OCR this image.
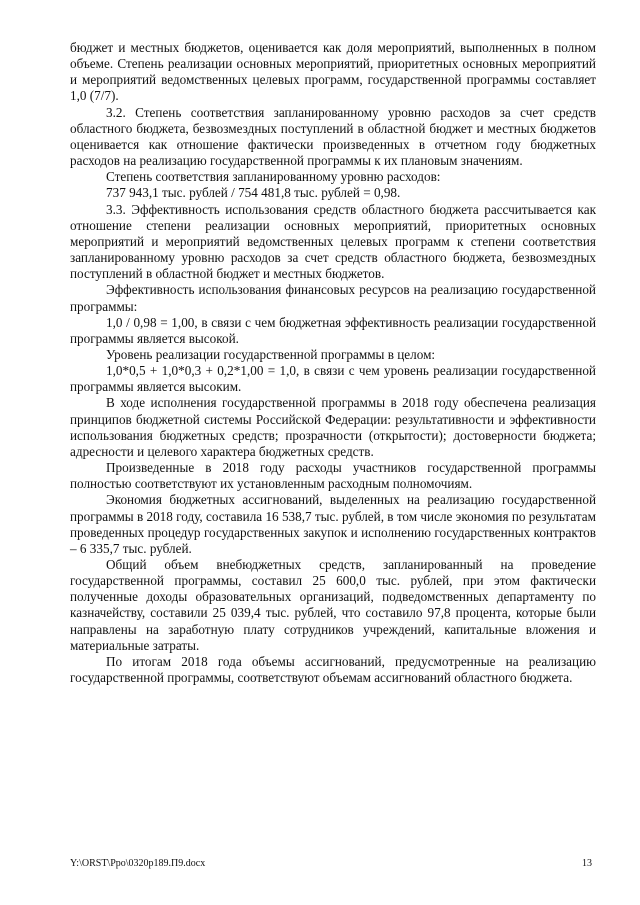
бюджет и местных бюджетов, оценивается как доля мероприятий, выполненных в полном объеме. Степень реализации основных мероприятий, приоритетных основных мероприятий и мероприятий ведомственных целевых программ, государственной программы составляет 1,0 (7/7).

3.2. Степень соответствия запланированному уровню расходов за счет средств областного бюджета, безвозмездных поступлений в областной бюджет и местных бюджетов оценивается как отношение фактически произведенных в отчетном году бюджетных расходов на реализацию государственной программы к их плановым значениям.

Степень соответствия запланированному уровню расходов:

737 943,1 тыс. рублей / 754 481,8 тыс. рублей = 0,98.

3.3. Эффективность использования средств областного бюджета рассчитывается как отношение степени реализации основных мероприятий, приоритетных основных мероприятий и мероприятий ведомственных целевых программ к степени соответствия запланированному уровню расходов за счет средств областного бюджета, безвозмездных поступлений в областной бюджет и местных бюджетов.

Эффективность использования финансовых ресурсов на реализацию государственной программы:

1,0 / 0,98 = 1,00, в связи с чем бюджетная эффективность реализации государственной программы является высокой.

Уровень реализации государственной программы в целом:

1,0*0,5 + 1,0*0,3 + 0,2*1,00 = 1,0, в связи с чем уровень реализации государственной программы является высоким.

В ходе исполнения государственной программы в 2018 году обеспечена реализация принципов бюджетной системы Российской Федерации: результативности и эффективности использования бюджетных средств; прозрачности (открытости); достоверности бюджета; адресности и целевого характера бюджетных средств.

Произведенные в 2018 году расходы участников государственной программы полностью соответствуют их установленным расходным полномочиям.

Экономия бюджетных ассигнований, выделенных на реализацию государственной программы в 2018 году, составила 16 538,7 тыс. рублей, в том числе экономия по результатам проведенных процедур государственных закупок и исполнению государственных контрактов – 6 335,7 тыс. рублей.

Общий объем внебюджетных средств, запланированный на проведение государственной программы, составил 25 600,0 тыс. рублей, при этом фактически полученные доходы образовательных организаций, подведомственных департаменту по казначейству, составили 25 039,4 тыс. рублей, что составило 97,8 процента, которые были направлены на заработную плату сотрудников учреждений, капитальные вложения и материальные затраты.

По итогам 2018 года объемы ассигнований, предусмотренные на реализацию государственной программы, соответствуют объемам ассигнований областного бюджета.

Y:\ORST\Ppo\0320p189.П9.docx	13
